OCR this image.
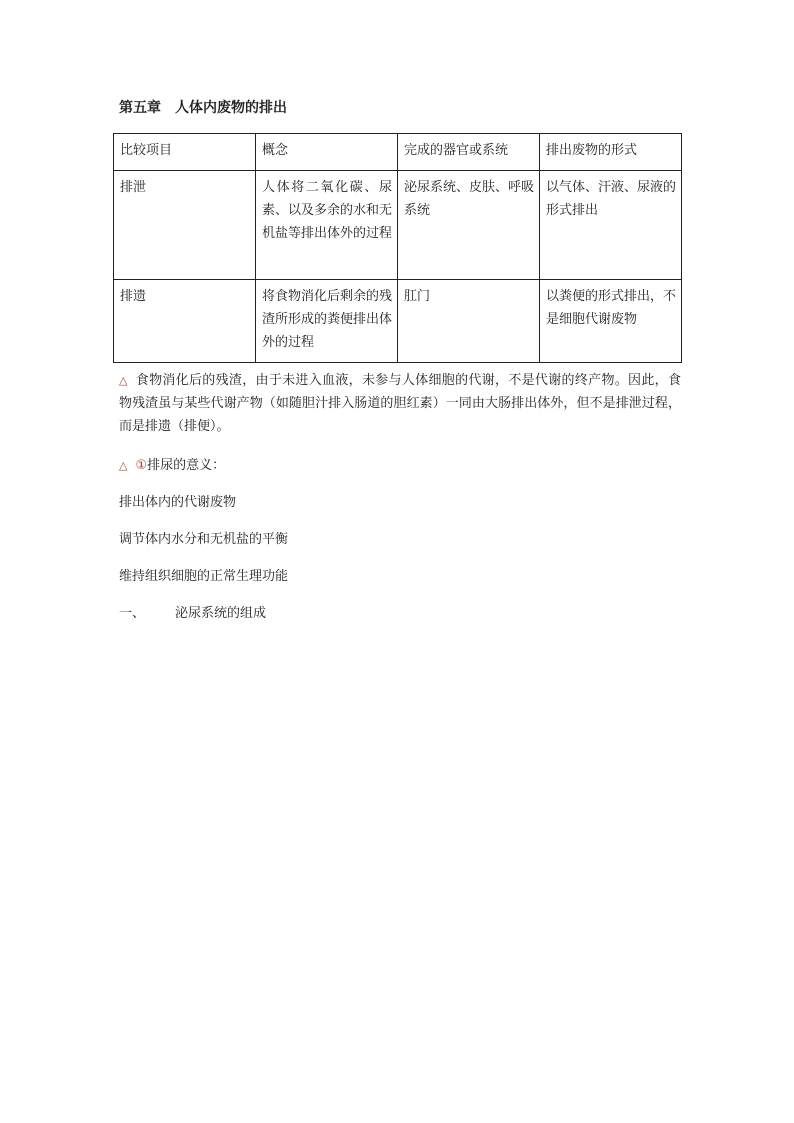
第五章　人体内废物的排出
比较项目	概念	完成的器官或系统	排出废物的形式
排泄	人体将二氧化碳、尿素、以及多余的水和无机盐等排出体外的过程	泌尿系统、皮肤、呼吸系统	以气体、汗液、尿液的形式排出
排遗	将食物消化后剩余的残渣所形成的粪便排出体外的过程	肛门	以粪便的形式排出，不是细胞代谢废物
△ 食物消化后的残渣，由于未进入血液，未参与人体细胞的代谢，不是代谢的终产物。因此，食物残渣虽与某些代谢产物（如随胆汁排入肠道的胆红素）一同由大肠排出体外，但不是排泄过程，而是排遗（排便）。
△ ①排尿的意义：
排出体内的代谢废物
调节体内水分和无机盐的平衡
维持组织细胞的正常生理功能
一、 泌尿系统的组成
